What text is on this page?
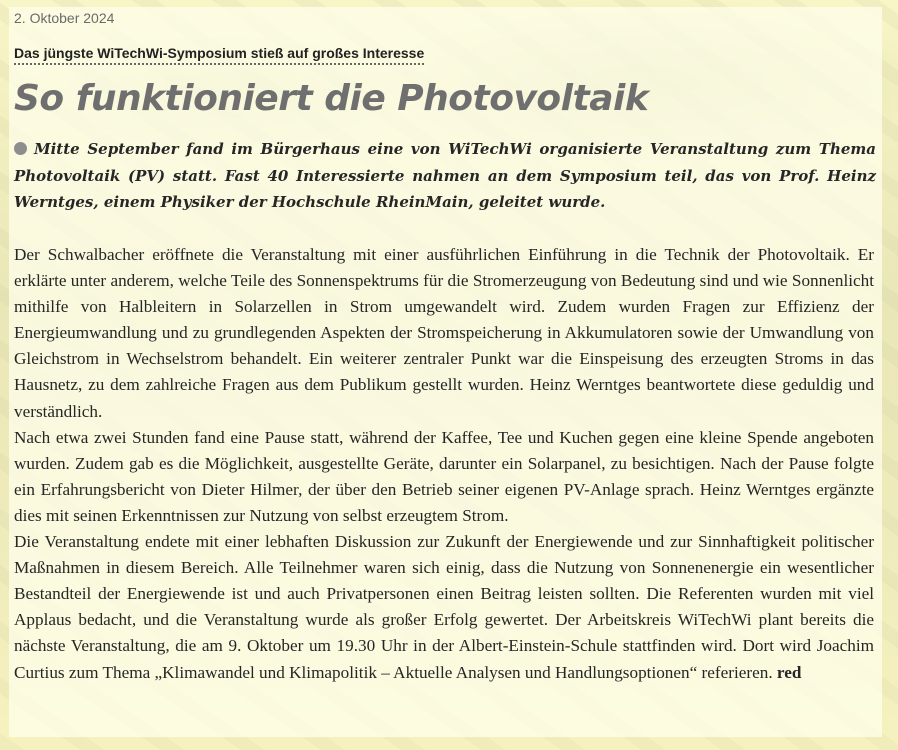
2. Oktober 2024

Das jüngste WiTechWi-Symposium stieß auf großes Interesse
So funktioniert die Photovoltaik

Mitte September fand im Bürgerhaus eine von WiTechWi organisierte Veranstaltung zum Thema Photovoltaik (PV) statt. Fast 40 Interessierte nahmen an dem Symposium teil, das von Prof. Heinz Werntges, einem Physiker der Hochschule RheinMain, geleitet wurde.

Der Schwalbacher eröffnete die Veranstaltung mit einer ausführlichen Einführung in die Technik der Photovoltaik. Er erklärte unter anderem, welche Teile des Sonnenspektrums für die Stromerzeugung von Bedeutung sind und wie Sonnenlicht mithilfe von Halbleitern in Solarzellen in Strom umgewandelt wird. Zudem wurden Fragen zur Effizienz der Energieumwandlung und zu grundlegenden Aspekten der Stromspeicherung in Akkumulatoren sowie der Umwandlung von Gleichstrom in Wechselstrom behandelt. Ein weiterer zentraler Punkt war die Einspeisung des erzeugten Stroms in das Hausnetz, zu dem zahlreiche Fragen aus dem Publikum gestellt wurden. Heinz Werntges beantwortete diese geduldig und verständlich.

Nach etwa zwei Stunden fand eine Pause statt, während der Kaffee, Tee und Kuchen gegen eine kleine Spende angeboten wurden. Zudem gab es die Möglichkeit, ausgestellte Geräte, darunter ein Solarpanel, zu besichtigen. Nach der Pause folgte ein Erfahrungsbericht von Dieter Hilmer, der über den Betrieb seiner eigenen PV-Anlage sprach. Heinz Werntges ergänzte dies mit seinen Erkenntnissen zur Nutzung von selbst erzeugtem Strom.

Die Veranstaltung endete mit einer lebhaften Diskussion zur Zukunft der Energiewende und zur Sinnhaftigkeit politischer Maßnahmen in diesem Bereich. Alle Teilnehmer waren sich einig, dass die Nutzung von Sonnenenergie ein wesentlicher Bestandteil der Energiewende ist und auch Privatpersonen einen Beitrag leisten sollten. Die Referenten wurden mit viel Applaus bedacht, und die Veranstaltung wurde als großer Erfolg gewertet. Der Arbeitskreis WiTechWi plant bereits die nächste Veranstaltung, die am 9. Oktober um 19.30 Uhr in der Albert-Einstein-Schule stattfinden wird. Dort wird Joachim Curtius zum Thema „Klimawandel und Klimapolitik – Aktuelle Analysen und Handlungsoptionen“ referieren. red
